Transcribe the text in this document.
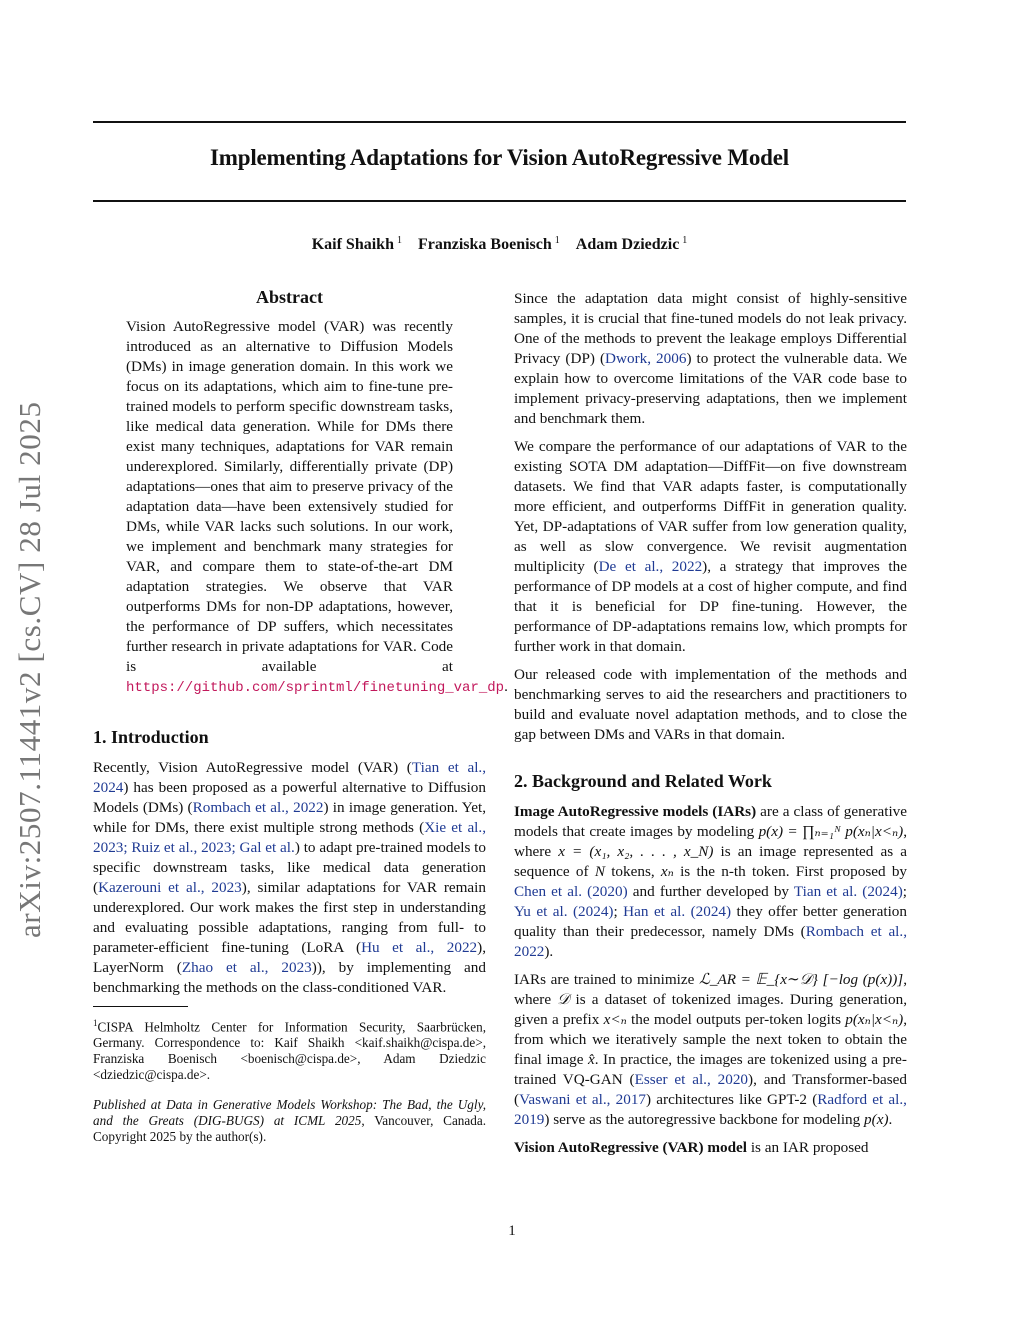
Implementing Adaptations for Vision AutoRegressive Model
Kaif Shaikh $^1$ Franziska Boenisch $^1$ Adam Dziedzic $^1$
arXiv:2507.11441v2 [cs.CV] 28 Jul 2025
Abstract
Vision AutoRegressive model (VAR) was recently introduced as an alternative to Diffusion Models (DMs) in image generation domain. In this work we focus on its adaptations, which aim to fine-tune pre-trained models to perform specific downstream tasks, like medical data generation. While for DMs there exist many techniques, adaptations for VAR remain underexplored. Similarly, differentially private (DP) adaptations—ones that aim to preserve privacy of the adaptation data—have been extensively studied for DMs, while VAR lacks such solutions. In our work, we implement and benchmark many strategies for VAR, and compare them to state-of-the-art DM adaptation strategies. We observe that VAR outperforms DMs for non-DP adaptations, however, the performance of DP suffers, which necessitates further research in private adaptations for VAR. Code is available at https://github.com/sprintml/finetuning_var_dp.
1. Introduction

Recently, Vision AutoRegressive model (VAR) (Tian et al., 2024) has been proposed as a powerful alternative to Diffusion Models (DMs) (Rombach et al., 2022) in image generation. Yet, while for DMs, there exist multiple strong methods (Xie et al., 2023; Ruiz et al., 2023; Gal et al.) to adapt pre-trained models to specific downstream tasks, like medical data generation (Kazerouni et al., 2023), similar adaptations for VAR remain underexplored. Our work makes the first step in understanding and evaluating possible adaptations, ranging from full- to parameter-efficient fine-tuning (LoRA (Hu et al., 2022), LayerNorm (Zhao et al., 2023)), by implementing and benchmarking the methods on the class-conditioned VAR.

$^1$CISPA Helmholtz Center for Information Security, Saarbrücken, Germany. Correspondence to: Kaif Shaikh <kaif.shaikh@cispa.de>, Franziska Boenisch <boenisch@cispa.de>, Adam Dziedzic <dziedzic@cispa.de>.
Published at Data in Generative Models Workshop: The Bad, the Ugly, and the Greats (DIG-BUGS) at ICML 2025, Vancouver, Canada. Copyright 2025 by the author(s).

Since the adaptation data might consist of highly-sensitive samples, it is crucial that fine-tuned models do not leak privacy. One of the methods to prevent the leakage employs Differential Privacy (DP) (Dwork, 2006) to protect the vulnerable data. We explain how to overcome limitations of the VAR code base to implement privacy-preserving adaptations, then we implement and benchmark them.

We compare the performance of our adaptations of VAR to the existing SOTA DM adaptation—DiffFit—on five downstream datasets. We find that VAR adapts faster, is computationally more efficient, and outperforms DiffFit in generation quality. Yet, DP-adaptations of VAR suffer from low generation quality, as well as slow convergence. We revisit augmentation multiplicity (De et al., 2022), a strategy that improves the performance of DP models at a cost of higher compute, and find that it is beneficial for DP fine-tuning. However, the performance of DP-adaptations remains low, which prompts for further work in that domain.

Our released code with implementation of the methods and benchmarking serves to aid the researchers and practitioners to build and evaluate novel adaptation methods, and to close the gap between DMs and VARs in that domain.

2. Background and Related Work

Image AutoRegressive models (IARs) are a class of generative models that create images by modeling p(x) = ∏ₙ₌₁ᴺ p(xₙ|x<ₙ), where x = (x₁, x₂, . . . , x_N) is an image represented as a sequence of N tokens, xₙ is the n-th token. First proposed by Chen et al. (2020) and further developed by Tian et al. (2024); Yu et al. (2024); Han et al. (2024) they offer better generation quality than their predecessor, namely DMs (Rombach et al., 2022).

IARs are trained to minimize ℒ_AR = 𝔼_{x∼𝒟} [−log (p(x))], where 𝒟 is a dataset of tokenized images. During generation, given a prefix x<ₙ the model outputs per-token logits p(xₙ|x<ₙ), from which we iteratively sample the next token to obtain the final image x̂. In practice, the images are tokenized using a pre-trained VQ-GAN (Esser et al., 2020), and Transformer-based (Vaswani et al., 2017) architectures like GPT-2 (Radford et al., 2019) serve as the autoregressive backbone for modeling p(x).

Vision AutoRegressive (VAR) model is an IAR proposed

1
